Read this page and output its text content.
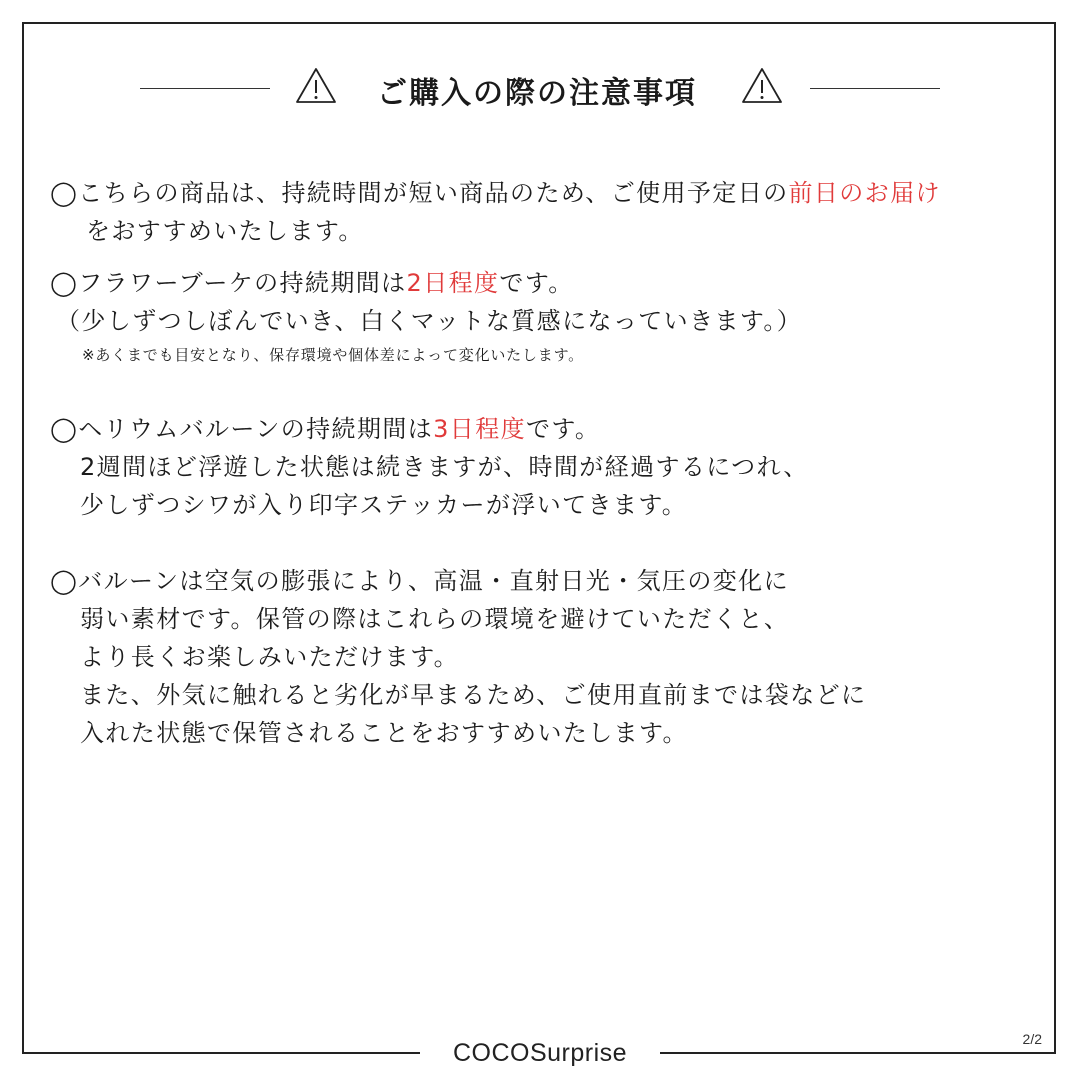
ご購入の際の注意事項
◯こちらの商品は、持続時間が短い商品のため、ご使用予定日の前日のお届け
をおすすめいたします。
◯フラワーブーケの持続期間は2日程度です。
（少しずつしぼんでいき、白くマットな質感になっていきます。）
※あくまでも目安となり、保存環境や個体差によって変化いたします。
◯ヘリウムバルーンの持続期間は3日程度です。
2週間ほど浮遊した状態は続きますが、時間が経過するにつれ、
少しずつシワが入り印字ステッカーが浮いてきます。
◯バルーンは空気の膨張により、高温・直射日光・気圧の変化に
弱い素材です。保管の際はこれらの環境を避けていただくと、
より長くお楽しみいただけます。
また、外気に触れると劣化が早まるため、ご使用直前までは袋などに
入れた状態で保管されることをおすすめいたします。
COCOSurprise	2/2
